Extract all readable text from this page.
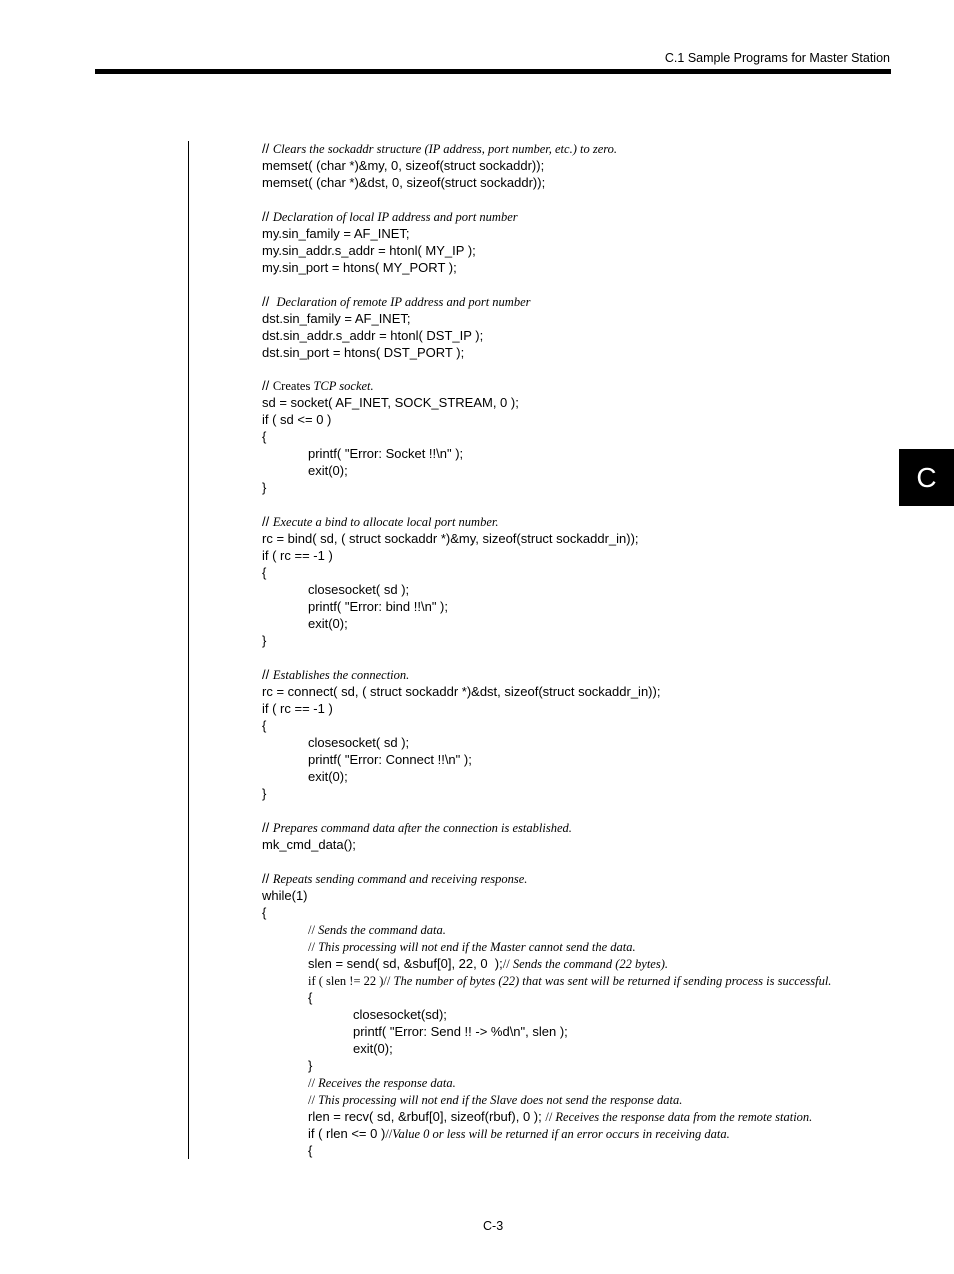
C.1 Sample Programs for Master Station
C
// Clears the sockaddr structure (IP address, port number, etc.) to zero.
memset( (char *)&my, 0, sizeof(struct sockaddr));
memset( (char *)&dst, 0, sizeof(struct sockaddr));
// Declaration of local IP address and port number
my.sin_family = AF_INET;
my.sin_addr.s_addr = htonl( MY_IP );
my.sin_port = htons( MY_PORT );
//  Declaration of remote IP address and port number
dst.sin_family = AF_INET;
dst.sin_addr.s_addr = htonl( DST_IP );
dst.sin_port = htons( DST_PORT );
// Creates TCP socket.
sd = socket( AF_INET, SOCK_STREAM, 0 );
if ( sd <= 0 )
{
printf( "Error: Socket !!\n" );
exit(0);
}
// Execute a bind to allocate local port number.
rc = bind( sd, ( struct sockaddr *)&my, sizeof(struct sockaddr_in));
if ( rc == -1 )
{
closesocket( sd );
printf( "Error: bind !!\n" );
exit(0);
}
// Establishes the connection.
rc = connect( sd, ( struct sockaddr *)&dst, sizeof(struct sockaddr_in));
if ( rc == -1 )
{
closesocket( sd );
printf( "Error: Connect !!\n" );
exit(0);
}
// Prepares command data after the connection is established.
mk_cmd_data();
// Repeats sending command and receiving response.
while(1)
{
// Sends the command data.
// This processing will not end if the Master cannot send the data.
slen = send( sd, &sbuf[0], 22, 0  );// Sends the command (22 bytes).
if ( slen != 22 )// The number of bytes (22) that was sent will be returned if sending process is successful.
{
closesocket(sd);
printf( "Error: Send !! -> %d\n", slen );
exit(0);
}
// Receives the response data.
// This processing will not end if the Slave does not send the response data.
rlen = recv( sd, &rbuf[0], sizeof(rbuf), 0 ); // Receives the response data from the remote station.
if ( rlen <= 0 )//Value 0 or less will be returned if an error occurs in receiving data.
{
C-3
